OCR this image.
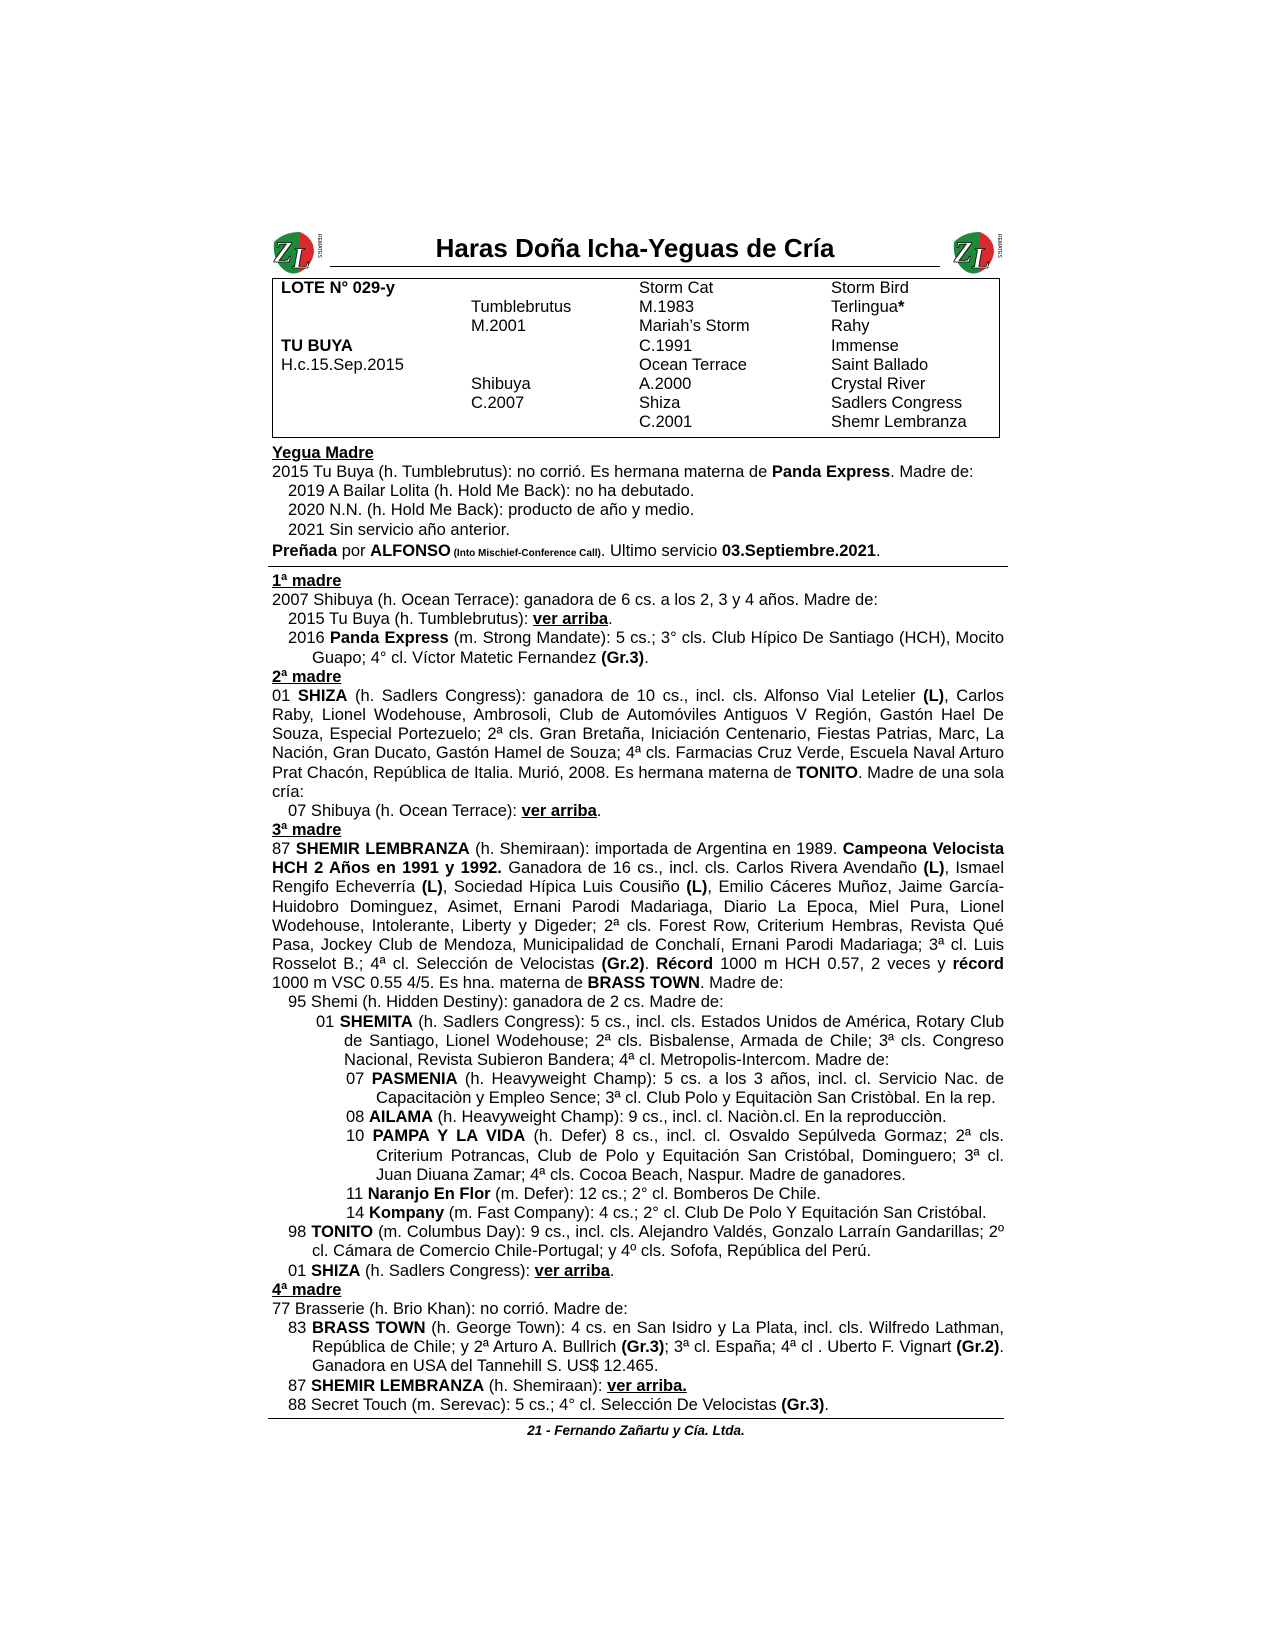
Z L REMATES	Z L REMATES
Haras Doña Icha-Yeguas de Cría
LOTE N° 029-y
TU BUYA
H.c.15.Sep.2015
Tumblebrutus
M.2001
Shibuya
C.2007
Storm Cat
M.1983
Mariah’s Storm
C.1991
Ocean Terrace
A.2000
Shiza
C.2001
Storm Bird
Terlingua*
Rahy
Immense
Saint Ballado
Crystal River
Sadlers Congress
Shemr Lembranza

Yegua Madre

2015 Tu Buya (h. Tumblebrutus): no corrió. Es hermana materna de Panda Express. Madre de:

2019 A Bailar Lolita (h. Hold Me Back): no ha debutado.

2020 N.N. (h. Hold Me Back): producto de año y medio.

2021 Sin servicio año anterior.

Preñada por ALFONSO (Into Mischief-Conference Call). Ultimo servicio 03.Septiembre.2021.

1ª madre

2007 Shibuya (h. Ocean Terrace): ganadora de 6 cs. a los 2, 3 y 4 años. Madre de:

2015 Tu Buya (h. Tumblebrutus): ver arriba.

2016 Panda Express (m. Strong Mandate): 5 cs.; 3° cls. Club Hípico De Santiago (HCH), Mocito Guapo; 4° cl. Víctor Matetic Fernandez (Gr.3).

2ª madre

01 SHIZA (h. Sadlers Congress): ganadora de 10 cs., incl. cls. Alfonso Vial Letelier (L), Carlos Raby, Lionel Wodehouse, Ambrosoli, Club de Automóviles Antiguos V Región, Gastón Hael De Souza, Especial Portezuelo; 2ª cls. Gran Bretaña, Iniciación Centenario, Fiestas Patrias, Marc, La Nación, Gran Ducato, Gastón Hamel de Souza; 4ª cls. Farmacias Cruz Verde, Escuela Naval Arturo Prat Chacón, República de Italia. Murió, 2008. Es hermana materna de TONITO. Madre de una sola cría:

07 Shibuya (h. Ocean Terrace): ver arriba.

3ª madre

87 SHEMIR LEMBRANZA (h. Shemiraan): importada de Argentina en 1989. Campeona Velocista HCH 2 Años en 1991 y 1992. Ganadora de 16 cs., incl. cls. Carlos Rivera Avendaño (L), Ismael Rengifo Echeverría (L), Sociedad Hípica Luis Cousiño (L), Emilio Cáceres Muñoz, Jaime García-Huidobro Dominguez, Asimet, Ernani Parodi Madariaga, Diario La Epoca, Miel Pura, Lionel Wodehouse, Intolerante, Liberty y Digeder; 2ª cls. Forest Row, Criterium Hembras, Revista Qué Pasa, Jockey Club de Mendoza, Municipalidad de Conchalí, Ernani Parodi Madariaga; 3ª cl. Luis Rosselot B.; 4ª cl. Selección de Velocistas (Gr.2). Récord 1000 m HCH 0.57, 2 veces y récord 1000 m VSC 0.55 4/5. Es hna. materna de BRASS TOWN. Madre de:

95 Shemi (h. Hidden Destiny): ganadora de 2 cs. Madre de:

01 SHEMITA (h. Sadlers Congress): 5 cs., incl. cls. Estados Unidos de América, Rotary Club de Santiago, Lionel Wodehouse; 2ª cls. Bisbalense, Armada de Chile; 3ª cls. Congreso Nacional, Revista Subieron Bandera; 4ª cl. Metropolis-Intercom. Madre de:

07 PASMENIA (h. Heavyweight Champ): 5 cs. a los 3 años, incl. cl. Servicio Nac. de Capacitaciòn y Empleo Sence; 3ª cl. Club Polo y Equitaciòn San Cristòbal. En la rep.

08 AILAMA (h. Heavyweight Champ): 9 cs., incl. cl. Naciòn.cl. En la reproducciòn.

10 PAMPA Y LA VIDA (h. Defer) 8 cs., incl. cl. Osvaldo Sepúlveda Gormaz; 2ª cls. Criterium Potrancas, Club de Polo y Equitación San Cristóbal, Dominguero; 3ª cl. Juan Diuana Zamar; 4ª cls. Cocoa Beach, Naspur. Madre de ganadores.

11 Naranjo En Flor (m. Defer): 12 cs.; 2° cl. Bomberos De Chile.

14 Kompany (m. Fast Company): 4 cs.; 2° cl. Club De Polo Y Equitación San Cristóbal.

98 TONITO (m. Columbus Day): 9 cs., incl. cls. Alejandro Valdés, Gonzalo Larraín Gandarillas; 2º cl. Cámara de Comercio Chile-Portugal; y 4º cls. Sofofa, República del Perú.

01 SHIZA (h. Sadlers Congress): ver arriba.

4ª madre

77 Brasserie (h. Brio Khan): no corrió. Madre de:

83 BRASS TOWN (h. George Town): 4 cs. en San Isidro y La Plata, incl. cls. Wilfredo Lathman, República de Chile; y 2ª Arturo A. Bullrich (Gr.3); 3ª cl. España; 4ª cl . Uberto F. Vignart (Gr.2). Ganadora en USA del Tannehill S. US$ 12.465.

87 SHEMIR LEMBRANZA (h. Shemiraan): ver arriba.

88 Secret Touch (m. Serevac): 5 cs.; 4° cl. Selección De Velocistas (Gr.3).

21 - Fernando Zañartu y Cía. Ltda.
